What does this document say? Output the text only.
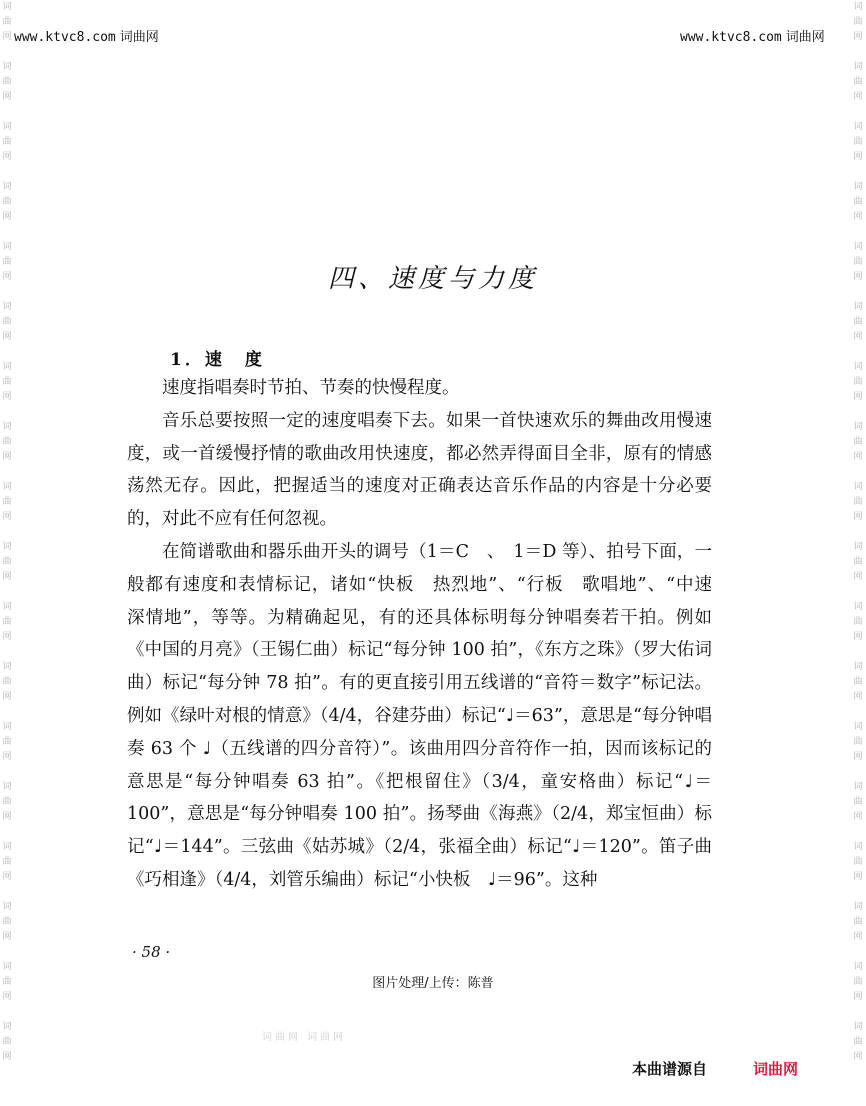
www.ktvc8.com 词曲网	www.ktvc8.com 词曲网
词
曲
网
词
曲
网
词
曲
网
词
曲
网
词
曲
网
词
曲
网
词
曲
网
词
曲
网
词
曲
网
词
曲
网
词
曲
网
词
曲
网
词
曲
网
词
曲
网
词
曲
网
词
曲
网
词
曲
网
词
曲
网
词
曲
网
词
曲
网
词
曲
网
词
曲
网
词
曲
网
词
曲
网
词
曲
网
词
曲
网
词
曲
网
词
曲
网
词
曲
网
词
曲
网
词
曲
网
词
曲
网
词
曲
网
词
曲
网
词
曲
网
词
曲
网
四、速度与力度
1．速　度

速度指唱奏时节拍、节奏的快慢程度。

音乐总要按照一定的速度唱奏下去。如果一首快速欢乐的舞曲改用慢速度，或一首缓慢抒情的歌曲改用快速度，都必然弄得面目全非，原有的情感荡然无存。因此，把握适当的速度对正确表达音乐作品的内容是十分必要的，对此不应有任何忽视。

在简谱歌曲和器乐曲开头的调号（1＝C　、　1＝D 等）、拍号下面，一般都有速度和表情标记，诸如“快板　热烈地”、“行板　歌唱地”、“中速　深情地”，等等。为精确起见，有的还具体标明每分钟唱奏若干拍。例如《中国的月亮》（王锡仁曲）标记“每分钟 100 拍”，《东方之珠》（罗大佑词曲）标记“每分钟 78 拍”。有的更直接引用五线谱的“音符＝数字”标记法。例如《绿叶对根的情意》（4/4，谷建芬曲）标记“♩＝63”，意思是“每分钟唱奏 63 个 ♩（五线谱的四分音符）”。该曲用四分音符作一拍，因而该标记的意思是“每分钟唱奏 63 拍”。《把根留住》（3/4，童安格曲）标记“♩＝100”，意思是“每分钟唱奏 100 拍”。扬琴曲《海燕》（2/4，郑宝恒曲）标记“♩＝144”。三弦曲《姑苏城》（2/4，张福全曲）标记“♩＝120”。笛子曲《巧相逢》（4/4，刘管乐编曲）标记“小快板　♩＝96”。这种

· 58 ·
图片处理/上传：陈普
词曲网 词曲网
本曲谱源自	词曲网
